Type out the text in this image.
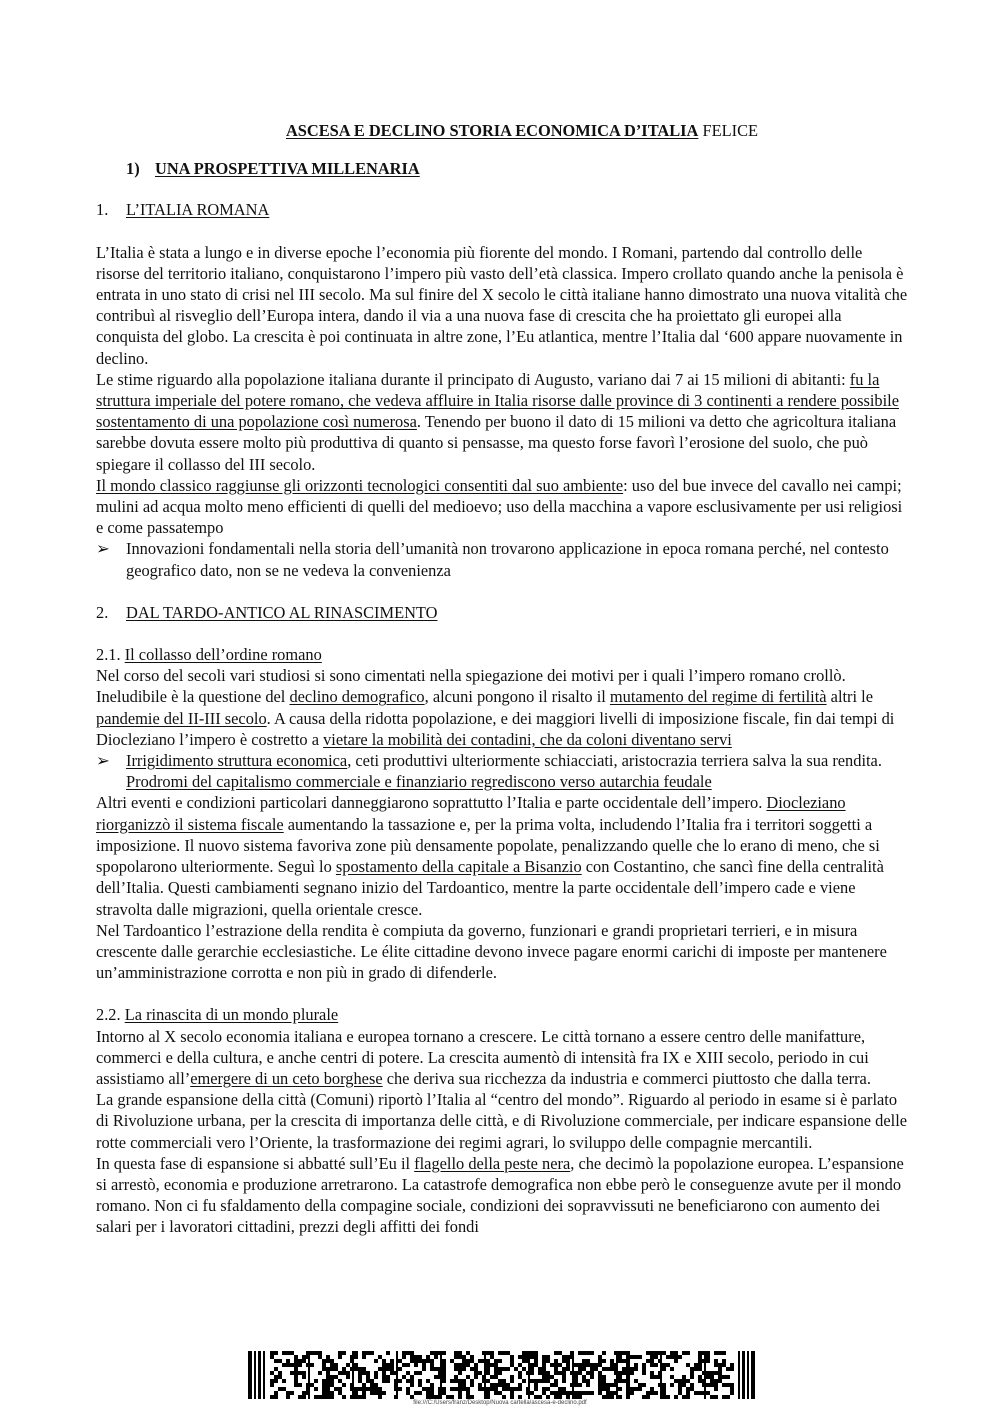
ASCESA E DECLINO STORIA ECONOMICA D’ITALIA FELICE
1) UNA PROSPETTIVA MILLENARIA
1. L’ITALIA ROMANA

L’Italia è stata a lungo e in diverse epoche l’economia più fiorente del mondo. I Romani, partendo dal controllo delle risorse del territorio italiano, conquistarono l’impero più vasto dell’età classica. Impero crollato quando anche la penisola è entrata in uno stato di crisi nel III secolo. Ma sul finire del X secolo le città italiane hanno dimostrato una nuova vitalità che contribuì al risveglio dell’Europa intera, dando il via a una nuova fase di crescita che ha proiettato gli europei alla conquista del globo. La crescita è poi continuata in altre zone, l’Eu atlantica, mentre l’Italia dal ‘600 appare nuovamente in declino.

Le stime riguardo alla popolazione italiana durante il principato di Augusto, variano dai 7 ai 15 milioni di abitanti: fu la struttura imperiale del potere romano, che vedeva affluire in Italia risorse dalle province di 3 continenti a rendere possibile sostentamento di una popolazione così numerosa. Tenendo per buono il dato di 15 milioni va detto che agricoltura italiana sarebbe dovuta essere molto più produttiva di quanto si pensasse, ma questo forse favorì l’erosione del suolo, che può spiegare il collasso del III secolo.

Il mondo classico raggiunse gli orizzonti tecnologici consentiti dal suo ambiente: uso del bue invece del cavallo nei campi; mulini ad acqua molto meno efficienti di quelli del medioevo; uso della macchina a vapore esclusivamente per usi religiosi e come passatempo

➢ Innovazioni fondamentali nella storia dell’umanità non trovarono applicazione in epoca romana perché, nel contesto geografico dato, non se ne vedeva la convenienza
2. DAL TARDO-ANTICO AL RINASCIMENTO
2.1. Il collasso dell’ordine romano

Nel corso del secoli vari studiosi si sono cimentati nella spiegazione dei motivi per i quali l’impero romano crollò. Ineludibile è la questione del declino demografico, alcuni pongono il risalto il mutamento del regime di fertilità altri le pandemie del II-III secolo. A causa della ridotta popolazione, e dei maggiori livelli di imposizione fiscale, fin dai tempi di Diocleziano l’impero è costretto a vietare la mobilità dei contadini, che da coloni diventano servi

➢ Irrigidimento struttura economica, ceti produttivi ulteriormente schiacciati, aristocrazia terriera salva la sua rendita. Prodromi del capitalismo commerciale e finanziario regrediscono verso autarchia feudale

Altri eventi e condizioni particolari danneggiarono soprattutto l’Italia e parte occidentale dell’impero. Diocleziano riorganizzò il sistema fiscale aumentando la tassazione e, per la prima volta, includendo l’Italia fra i territori soggetti a imposizione. Il nuovo sistema favoriva zone più densamente popolate, penalizzando quelle che lo erano di meno, che si spopolarono ulteriormente. Seguì lo spostamento della capitale a Bisanzio con Costantino, che sancì fine della centralità dell’Italia. Questi cambiamenti segnano inizio del Tardoantico, mentre la parte occidentale dell’impero cade e viene stravolta dalle migrazioni, quella orientale cresce.

Nel Tardoantico l’estrazione della rendita è compiuta da governo, funzionari e grandi proprietari terrieri, e in misura crescente dalle gerarchie ecclesiastiche. Le élite cittadine devono invece pagare enormi carichi di imposte per mantenere un’amministrazione corrotta e non più in grado di difenderle.

2.2. La rinascita di un mondo plurale

Intorno al X secolo economia italiana e europea tornano a crescere. Le città tornano a essere centro delle manifatture, commerci e della cultura, e anche centri di potere. La crescita aumentò di intensità fra IX e XIII secolo, periodo in cui assistiamo all’emergere di un ceto borghese che deriva sua ricchezza da industria e commerci piuttosto che dalla terra.

La grande espansione della città (Comuni) riportò l’Italia al “centro del mondo”. Riguardo al periodo in esame si è parlato di Rivoluzione urbana, per la crescita di importanza delle città, e di Rivoluzione commerciale, per indicare espansione delle rotte commerciali vero l’Oriente, la trasformazione dei regimi agrari, lo sviluppo delle compagnie mercantili.

In questa fase di espansione si abbatté sull’Eu il flagello della peste nera, che decimò la popolazione europea. L’espansione si arrestò, economia e produzione arretrarono. La catastrofe demografica non ebbe però le conseguenze avute per il mondo romano. Non ci fu sfaldamento della compagine sociale, condizioni dei sopravvissuti ne beneficiarono con aumento dei salari per i lavoratori cittadini, prezzi degli affitti dei fondi

file:///C:/Users/franz/Desktop/Nuova cartella/ascesa-e-declino.pdf
